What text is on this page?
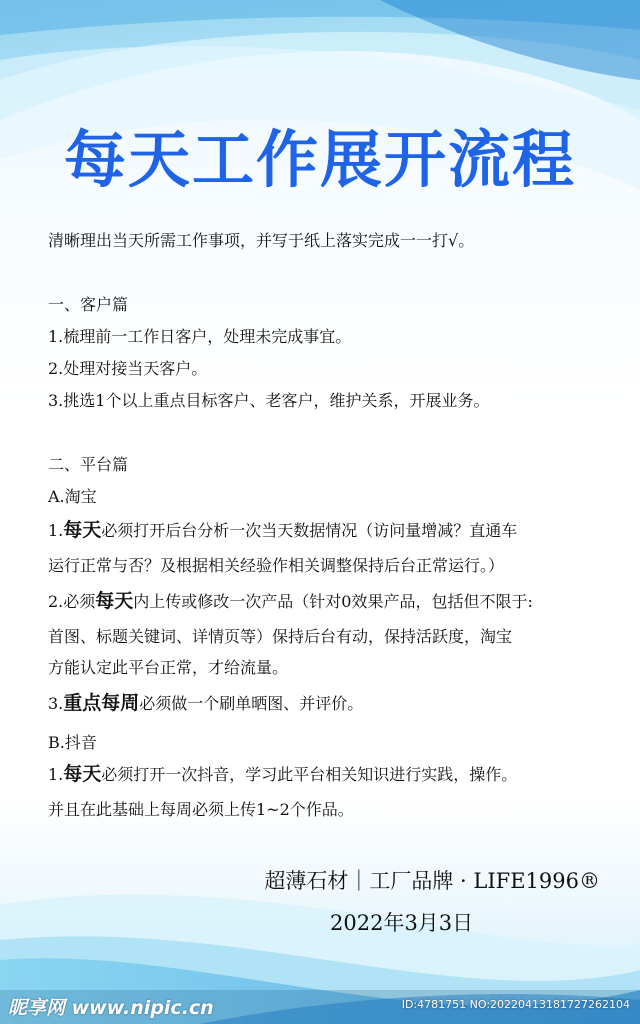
每天工作展开流程
清晰理出当天所需工作事项，并写于纸上落实完成一一打√。
一、客户篇
1.梳理前一工作日客户，处理未完成事宜。
2.处理对接当天客户。
3.挑选1个以上重点目标客户、老客户，维护关系，开展业务。
二、平台篇
A.淘宝
1.每天必须打开后台分析一次当天数据情况（访问量增减？直通车
运行正常与否？及根据相关经验作相关调整保持后台正常运行。）
2.必须每天内上传或修改一次产品（针对0效果产品，包括但不限于:
首图、标题关键词、详情页等）保持后台有动，保持活跃度，淘宝
方能认定此平台正常，才给流量。
3.重点每周必须做一个刷单晒图、并评价。
B.抖音
1.每天必须打开一次抖音，学习此平台相关知识进行实践，操作。
并且在此基础上每周必须上传1~2个作品。
超薄石材｜工厂品牌 · LIFE1996®
2022年3月3日
昵享网 www.nipic.cn	ID:4781751 NO:20220413181727262104
